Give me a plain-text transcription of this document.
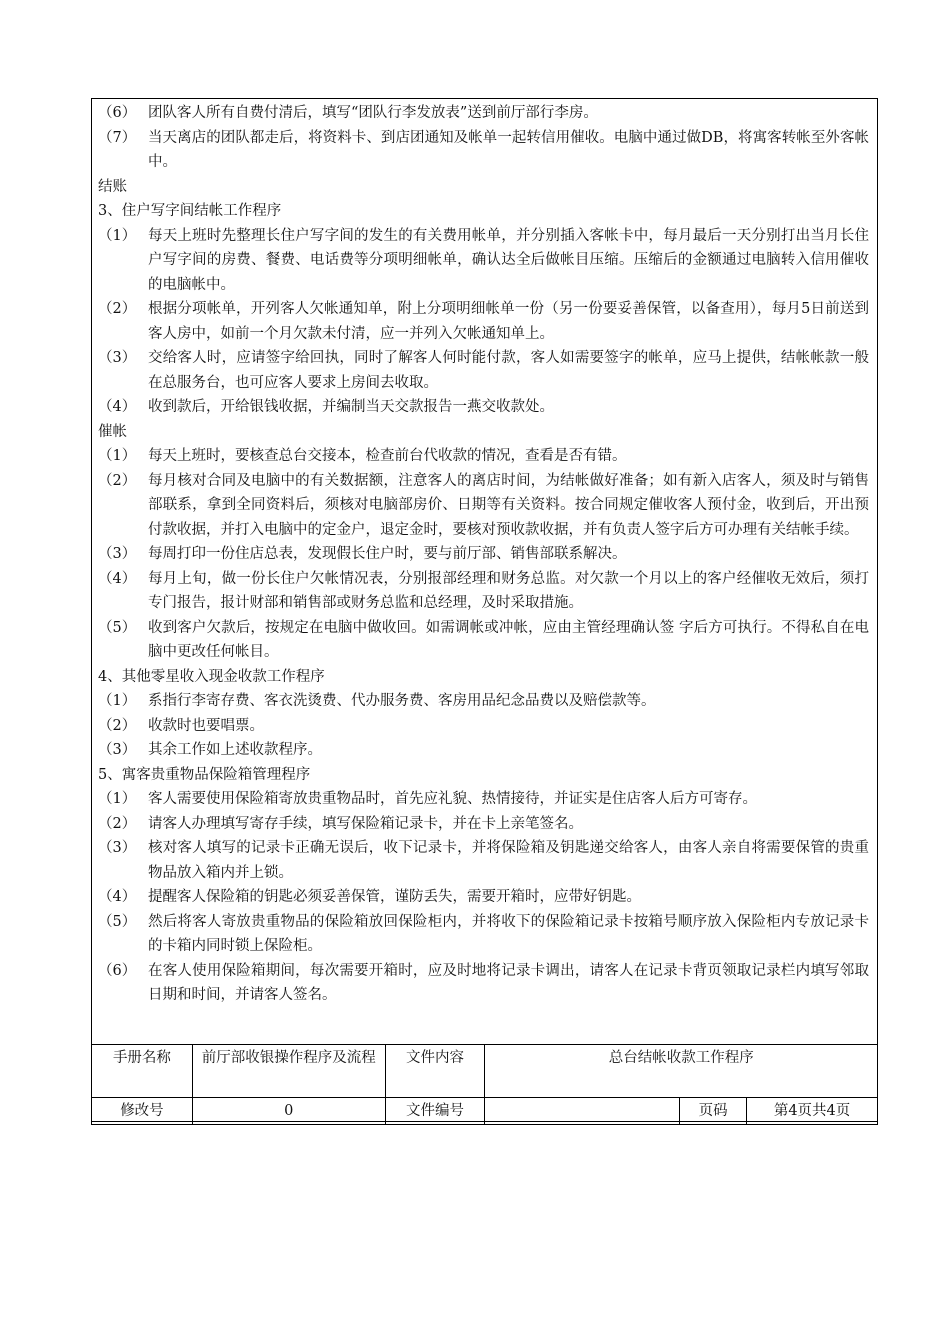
（6） 团队客人所有自费付清后，填写“团队行李发放表”送到前厅部行李房。
（7） 当天离店的团队都走后，将资料卡、到店团通知及帐单一起转信用催收。电脑中通过做DB，将寓客转帐至外客帐中。
结账
3、住户写字间结帐工作程序
（1） 每天上班时先整理长住户写字间的发生的有关费用帐单，并分别插入客帐卡中，每月最后一天分别打出当月长住户写字间的房费、餐费、电话费等分项明细帐单，确认达全后做帐目压缩。压缩后的金额通过电脑转入信用催收的电脑帐中。
（2） 根据分项帐单，开列客人欠帐通知单，附上分项明细帐单一份（另一份要妥善保管，以备查用），每月5日前送到客人房中，如前一个月欠款未付清，应一并列入欠帐通知单上。
（3） 交给客人时，应请签字给回执，同时了解客人何时能付款，客人如需要签字的帐单，应马上提供，结帐帐款一般在总服务台，也可应客人要求上房间去收取。
（4） 收到款后，开给银钱收据，并编制当天交款报告一燕交收款处。
催帐
（1） 每天上班时，要核查总台交接本，检查前台代收款的情况，查看是否有错。
（2） 每月核对合同及电脑中的有关数据额，注意客人的离店时间，为结帐做好准备；如有新入店客人，须及时与销售部联系，拿到全同资料后，须核对电脑部房价、日期等有关资料。按合同规定催收客人预付金，收到后，开出预付款收据，并打入电脑中的定金户，退定金时，要核对预收款收据，并有负责人签字后方可办理有关结帐手续。
（3） 每周打印一份住店总表，发现假长住户时，要与前厅部、销售部联系解决。
（4） 每月上旬，做一份长住户欠帐情况表，分别报部经理和财务总监。对欠款一个月以上的客户经催收无效后，须打专门报告，报计财部和销售部或财务总监和总经理，及时采取措施。
（5） 收到客户欠款后，按规定在电脑中做收回。如需调帐或冲帐，应由主管经理确认签 字后方可执行。不得私自在电脑中更改任何帐目。
4、其他零星收入现金收款工作程序
（1） 系指行李寄存费、客衣洗烫费、代办服务费、客房用品纪念品费以及赔偿款等。
（2） 收款时也要唱票。
（3） 其余工作如上述收款程序。
5、寓客贵重物品保险箱管理程序
（1） 客人需要使用保险箱寄放贵重物品时，首先应礼貌、热情接待，并证实是住店客人后方可寄存。
（2） 请客人办理填写寄存手续，填写保险箱记录卡，并在卡上亲笔签名。
（3） 核对客人填写的记录卡正确无误后，收下记录卡，并将保险箱及钥匙递交给客人，由客人亲自将需要保管的贵重物品放入箱内并上锁。
（4） 提醒客人保险箱的钥匙必须妥善保管，谨防丢失，需要开箱时，应带好钥匙。
（5） 然后将客人寄放贵重物品的保险箱放回保险柜内，并将收下的保险箱记录卡按箱号顺序放入保险柜内专放记录卡的卡箱内同时锁上保险柜。
（6） 在客人使用保险箱期间，每次需要开箱时，应及时地将记录卡调出，请客人在记录卡背页领取记录栏内填写邻取日期和时间，并请客人签名。
手册名称	前厅部收银操作程序及流程	文件内容	总台结帐收款工作程序		
修改号	0	文件编号		页码	第4页共4页
